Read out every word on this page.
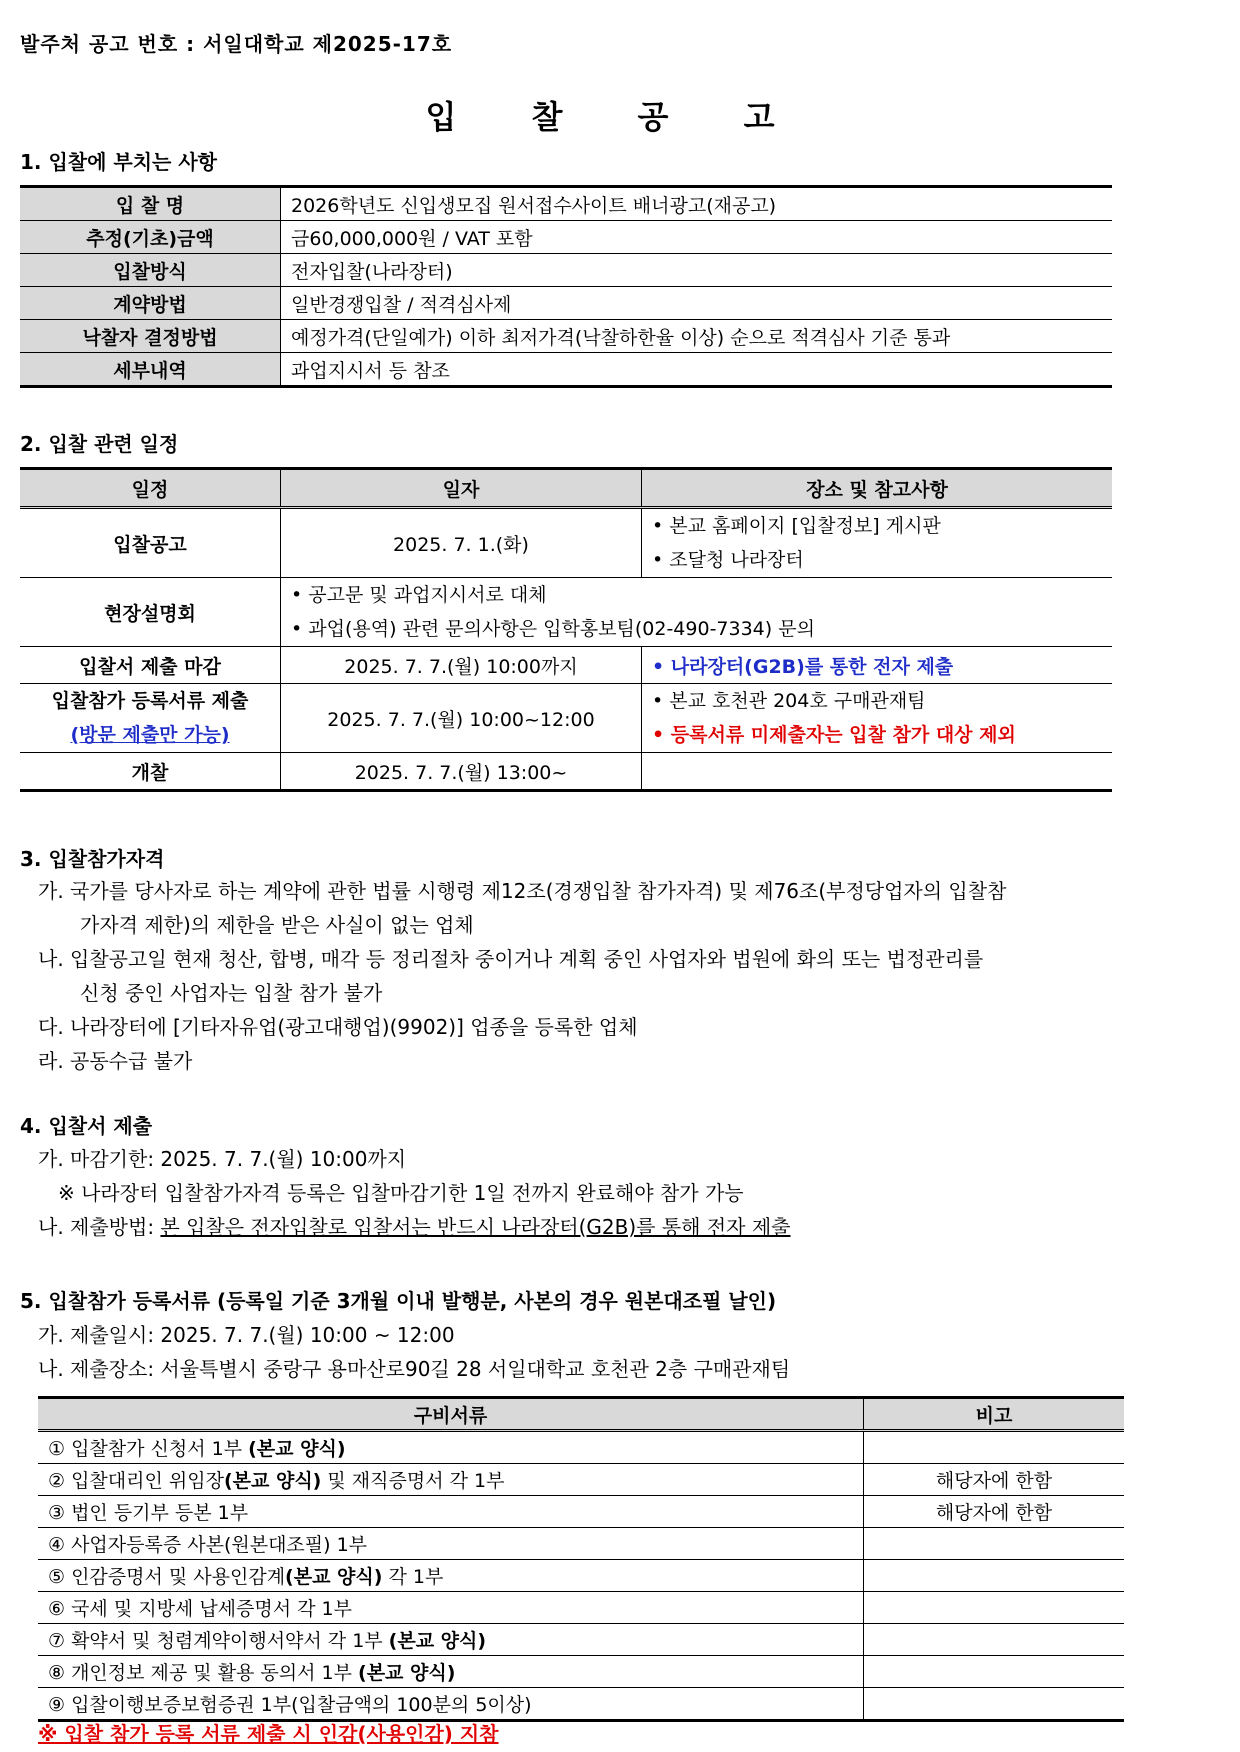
발주처 공고 번호 : 서일대학교 제2025-17호
입 찰 공 고
1. 입찰에 부치는 사항
입 찰 명	2026학년도 신입생모집 원서접수사이트 배너광고(재공고)
추정(기초)금액	금60,000,000원 / VAT 포함
입찰방식	전자입찰(나라장터)
계약방법	일반경쟁입찰 / 적격심사제
낙찰자 결정방법	예정가격(단일예가) 이하 최저가격(낙찰하한율 이상) 순으로 적격심사 기준 통과
세부내역	과업지시서 등 참조
2. 입찰 관련 일정
일정	일자	장소 및 참고사항
입찰공고	2025. 7. 1.(화)	• 본교 홈페이지 [입찰정보] 게시판
• 조달청 나라장터

현장설명회	• 공고문 및 과업지시서로 대체
• 과업(용역) 관련 문의사항은 입학홍보팀(02-490-7334) 문의	

입찰서 제출 마감	2025. 7. 7.(월) 10:00까지	• 나라장터(G2B)를 통한 전자 제출

입찰참가 등록서류 제출
(방문 제출만 가능)	2025. 7. 7.(월) 10:00~12:00	• 본교 호천관 204호 구매관재팀
• 등록서류 미제출자는 입찰 참가 대상 제외

개찰	2025. 7. 7.(월) 13:00~	
3. 입찰참가자격
가. 국가를 당사자로 하는 계약에 관한 법률 시행령 제12조(경쟁입찰 참가자격) 및 제76조(부정당업자의 입찰참
가자격 제한)의 제한을 받은 사실이 없는 업체
나. 입찰공고일 현재 청산, 합병, 매각 등 정리절차 중이거나 계획 중인 사업자와 법원에 화의 또는 법정관리를
신청 중인 사업자는 입찰 참가 불가
다. 나라장터에 [기타자유업(광고대행업)(9902)] 업종을 등록한 업체
라. 공동수급 불가
4. 입찰서 제출
가. 마감기한: 2025. 7. 7.(월) 10:00까지
※ 나라장터 입찰참가자격 등록은 입찰마감기한 1일 전까지 완료해야 참가 가능
나. 제출방법: 본 입찰은 전자입찰로 입찰서는 반드시 나라장터(G2B)를 통해 전자 제출
5. 입찰참가 등록서류 (등록일 기준 3개월 이내 발행분, 사본의 경우 원본대조필 날인)
가. 제출일시: 2025. 7. 7.(월) 10:00 ~ 12:00
나. 제출장소: 서울특별시 중랑구 용마산로90길 28 서일대학교 호천관 2층 구매관재팀
구비서류	비고
① 입찰참가 신청서 1부 (본교 양식)	
② 입찰대리인 위임장(본교 양식) 및 재직증명서 각 1부	해당자에 한함
③ 법인 등기부 등본 1부	해당자에 한함
④ 사업자등록증 사본(원본대조필) 1부	
⑤ 인감증명서 및 사용인감계(본교 양식) 각 1부	
⑥ 국세 및 지방세 납세증명서 각 1부	
⑦ 확약서 및 청렴계약이행서약서 각 1부 (본교 양식)	
⑧ 개인정보 제공 및 활용 동의서 1부 (본교 양식)	
⑨ 입찰이행보증보험증권 1부(입찰금액의 100분의 5이상)	
※ 입찰 참가 등록 서류 제출 시 인감(사용인감) 지참
